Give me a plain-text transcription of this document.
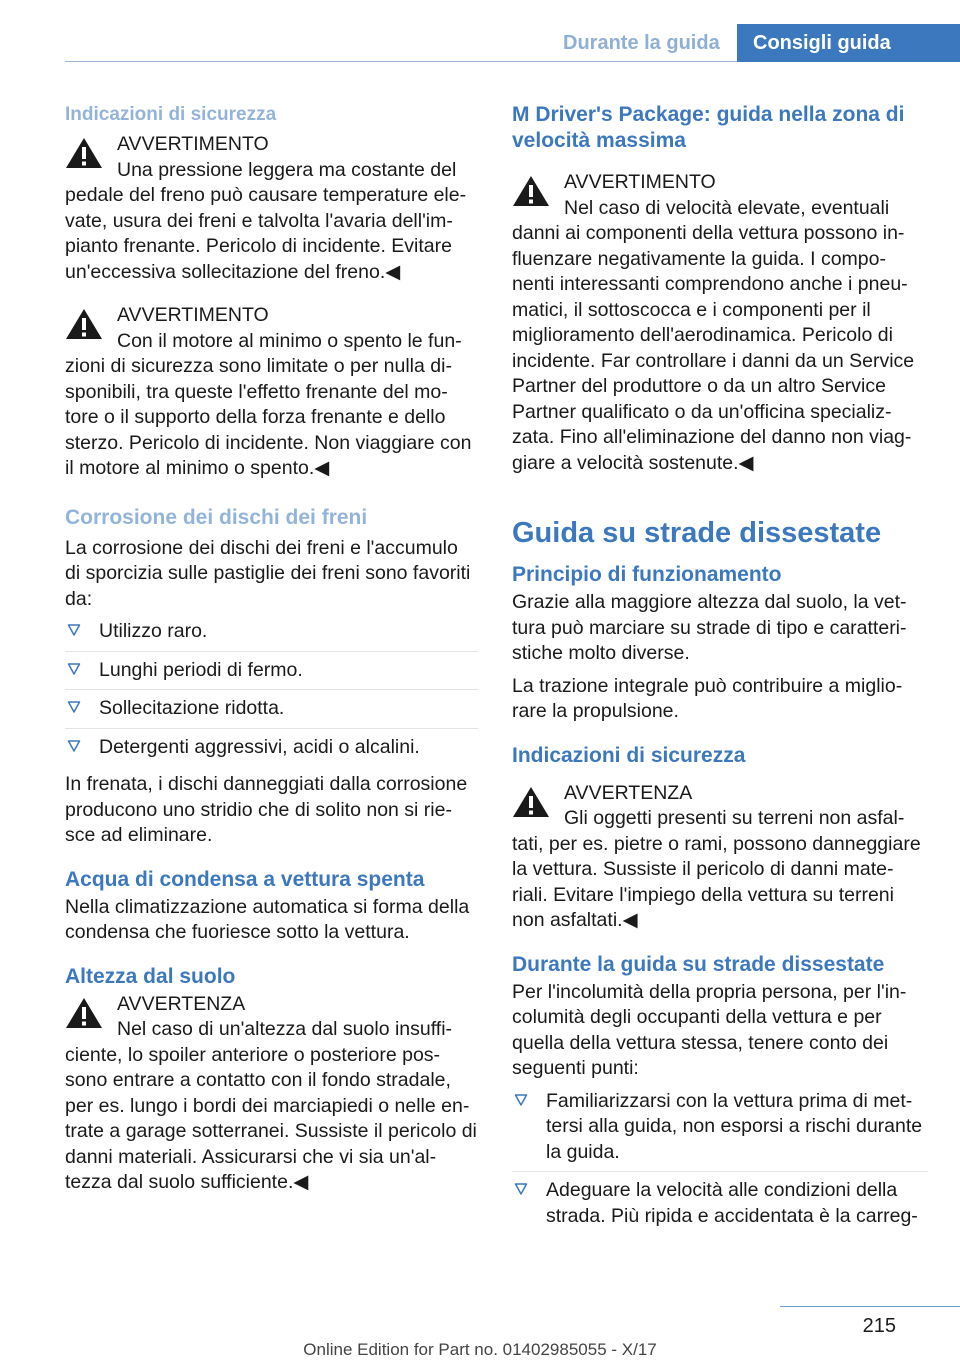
Durante la guida	Consigli guida
Indicazioni di sicurezza

AVVERTIMENTO
Una pressione leggera ma costante del pedale del freno può causare temperature ele-vate, usura dei freni e talvolta l'avaria dell'im-pianto frenante. Pericolo di incidente. Evitare un'eccessiva sollecitazione del freno.◀

AVVERTIMENTO
Con il motore al minimo o spento le fun-zioni di sicurezza sono limitate o per nulla di-sponibili, tra queste l'effetto frenante del mo-tore o il supporto della forza frenante e dello sterzo. Pericolo di incidente. Non viaggiare con il motore al minimo o spento.◀

Corrosione dei dischi dei freni

La corrosione dei dischi dei freni e l'accumulo di sporcizia sulle pastiglie dei freni sono favoriti da:

Utilizzo raro.
Lunghi periodi di fermo.
Sollecitazione ridotta.
Detergenti aggressivi, acidi o alcalini.

In frenata, i dischi danneggiati dalla corrosione producono uno stridio che di solito non si rie-sce ad eliminare.

Acqua di condensa a vettura spenta

Nella climatizzazione automatica si forma della condensa che fuoriesce sotto la vettura.

Altezza dal suolo

AVVERTENZA
Nel caso di un'altezza dal suolo insuffi-ciente, lo spoiler anteriore o posteriore pos-sono entrare a contatto con il fondo stradale, per es. lungo i bordi dei marciapiedi o nelle en-trate a garage sotterranei. Sussiste il pericolo di danni materiali. Assicurarsi che vi sia un'al-tezza dal suolo sufficiente.◀

M Driver's Package: guida nella zona di velocità massima

AVVERTIMENTO
Nel caso di velocità elevate, eventuali danni ai componenti della vettura possono in-fluenzare negativamente la guida. I compo-nenti interessanti comprendono anche i pneu-matici, il sottoscocca e i componenti per il miglioramento dell'aerodinamica. Pericolo di incidente. Far controllare i danni da un Service Partner del produttore o da un altro Service Partner qualificato o da un'officina specializ-zata. Fino all'eliminazione del danno non viag-giare a velocità sostenute.◀

Guida su strade dissestate
Principio di funzionamento

Grazie alla maggiore altezza dal suolo, la vet-tura può marciare su strade di tipo e caratteri-stiche molto diverse.

La trazione integrale può contribuire a miglio-rare la propulsione.

Indicazioni di sicurezza

AVVERTENZA
Gli oggetti presenti su terreni non asfal-tati, per es. pietre o rami, possono danneggiare la vettura. Sussiste il pericolo di danni mate-riali. Evitare l'impiego della vettura su terreni non asfaltati.◀

Durante la guida su strade dissestate

Per l'incolumità della propria persona, per l'in-columità degli occupanti della vettura e per quella della vettura stessa, tenere conto dei seguenti punti:

Familiarizzarsi con la vettura prima di met-tersi alla guida, non esporsi a rischi durante la guida.
Adeguare la velocità alle condizioni della strada. Più ripida e accidentata è la carreg-
215
Online Edition for Part no. 01402985055 - X/17
